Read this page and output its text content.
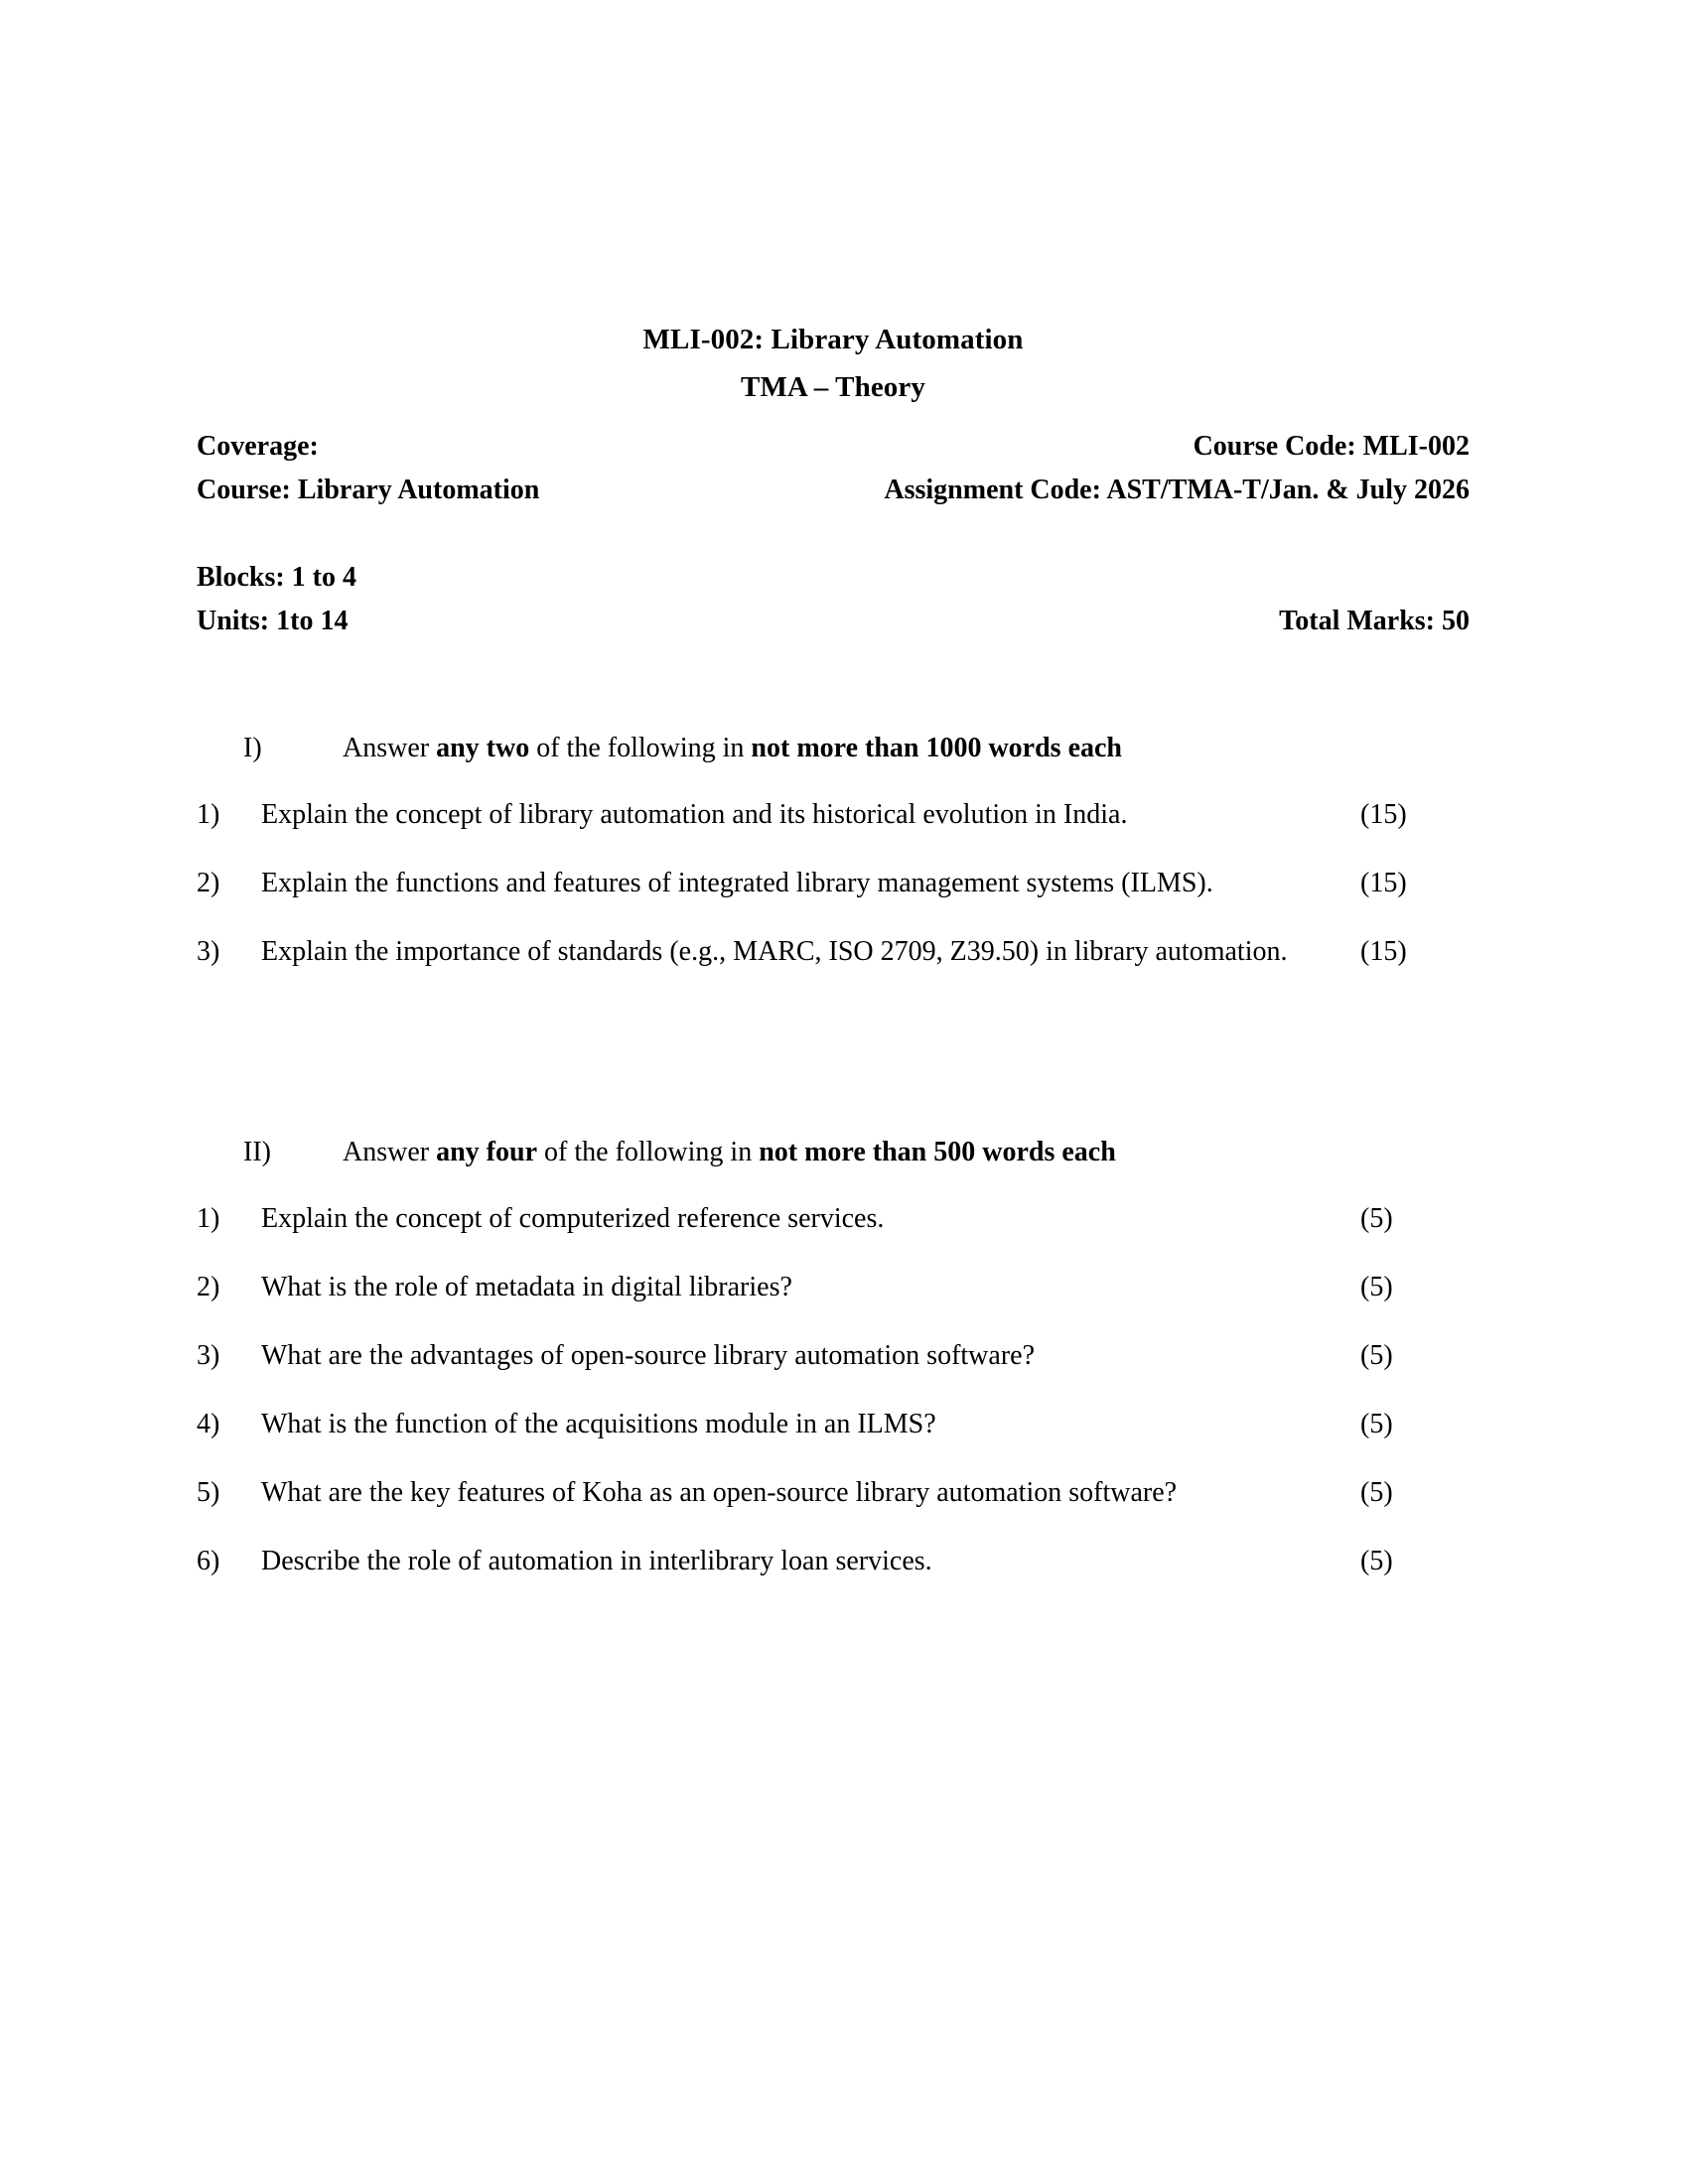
MLI-002: Library Automation
TMA – Theory
Coverage:	Course Code: MLI-002
Course: Library Automation	Assignment Code: AST/TMA-T/Jan. & July 2026
Blocks: 1 to 4
Units: 1to 14	Total Marks: 50
I)	Answer any two of the following in not more than 1000 words each
1)	Explain the concept of library automation and its historical evolution in India.	(15)
2)	Explain the functions and features of integrated library management systems (ILMS).	(15)
3)	Explain the importance of standards (e.g., MARC, ISO 2709, Z39.50) in library automation.	(15)
II)	Answer any four of the following in not more than 500 words each
1)	Explain the concept of computerized reference services.	(5)
2)	What is the role of metadata in digital libraries?	(5)
3)	What are the advantages of open-source library automation software?	(5)
4)	What is the function of the acquisitions module in an ILMS?	(5)
5)	What are the key features of Koha as an open-source library automation software?	(5)
6)	Describe the role of automation in interlibrary loan services.	(5)
